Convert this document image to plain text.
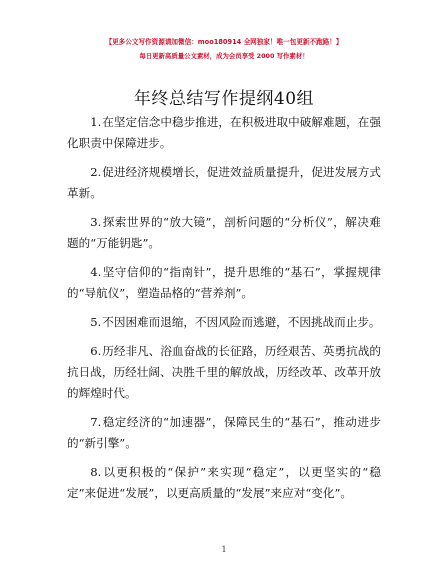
【更多公文写作资源请加微信：moo180914 全网独家！唯一包更新不跑路！】
每日更新高质量公文素材，成为会员享受 2000 写作素材！
年终总结写作提纲40组

1.在坚定信念中稳步推进，在积极进取中破解难题，在强化职责中保障进步。

2.促进经济规模增长，促进效益质量提升，促进发展方式革新。

3.探索世界的“放大镜”，剖析问题的“分析仪”，解决难题的“万能钥匙”。

4.坚守信仰的“指南针”，提升思维的“基石”，掌握规律的“导航仪”，塑造品格的“营养剂”。

5.不因困难而退缩，不因风险而逃避，不因挑战而止步。

6.历经非凡、浴血奋战的长征路，历经艰苦、英勇抗战的抗日战，历经壮阔、决胜千里的解放战，历经改革、改革开放的辉煌时代。

7.稳定经济的“加速器”，保障民生的“基石”，推动进步的“新引擎”。

8.以更积极的“保护”来实现“稳定”，以更坚实的“稳定”来促进“发展”，以更高质量的“发展”来应对“变化”。

1
